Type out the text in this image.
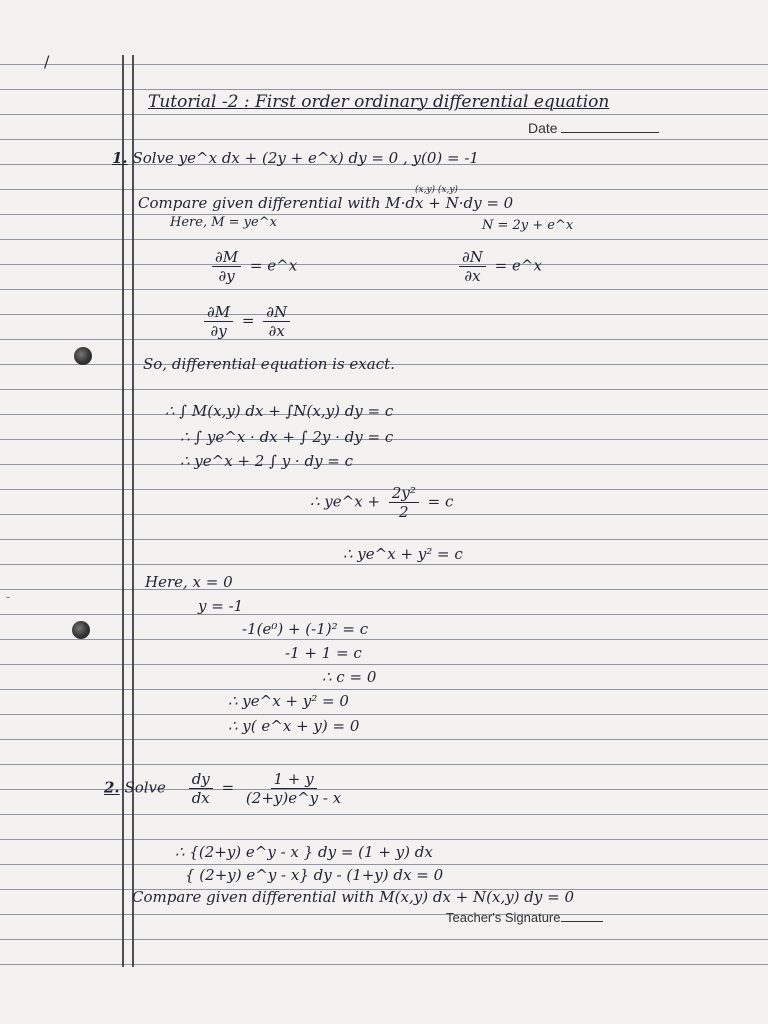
/
Tutorial -2 : First order ordinary differential equation
Date
1. Solve ye^x dx + (2y + e^x) dy = 0 , y(0) = -1
(x,y) (x,y)
Compare given differential with M·dx + N·dy = 0
Here, M = ye^x	N = 2y + e^x
$\frac{\partial M}{\partial y}$ = e^x	$\frac{\partial N}{\partial x}$ = e^x
$\frac{\partial M}{\partial y} = \frac{\partial N}{\partial x}$
So, differential equation is exact.
∴ ∫ M(x,y) dx + ∫N(x,y) dy = c
∴ ∫ ye^x · dx + ∫ 2y · dy = c
∴ ye^x + 2 ∫ y · dy = c
∴ ye^x + $\frac{\text{2y²}}{2} = c$
∴ ye^x + y² = c
Here, x = 0
y = -1
-1(e⁰) + (-1)² = c
-1 + 1 = c
∴ c = 0
∴ ye^x + y² = 0
∴ y( e^x + y) = 0
2. Solve $\frac{dy}{dx} = \frac{1 + y}{(2+y)e\^{}y - x}$
∴ {(2+y) e^y - x } dy = (1 + y) dx
{ (2+y) e^y - x} dy - (1+y) dx = 0
Compare given differential with M(x,y) dx + N(x,y) dy = 0
Teacher's Signature
-
